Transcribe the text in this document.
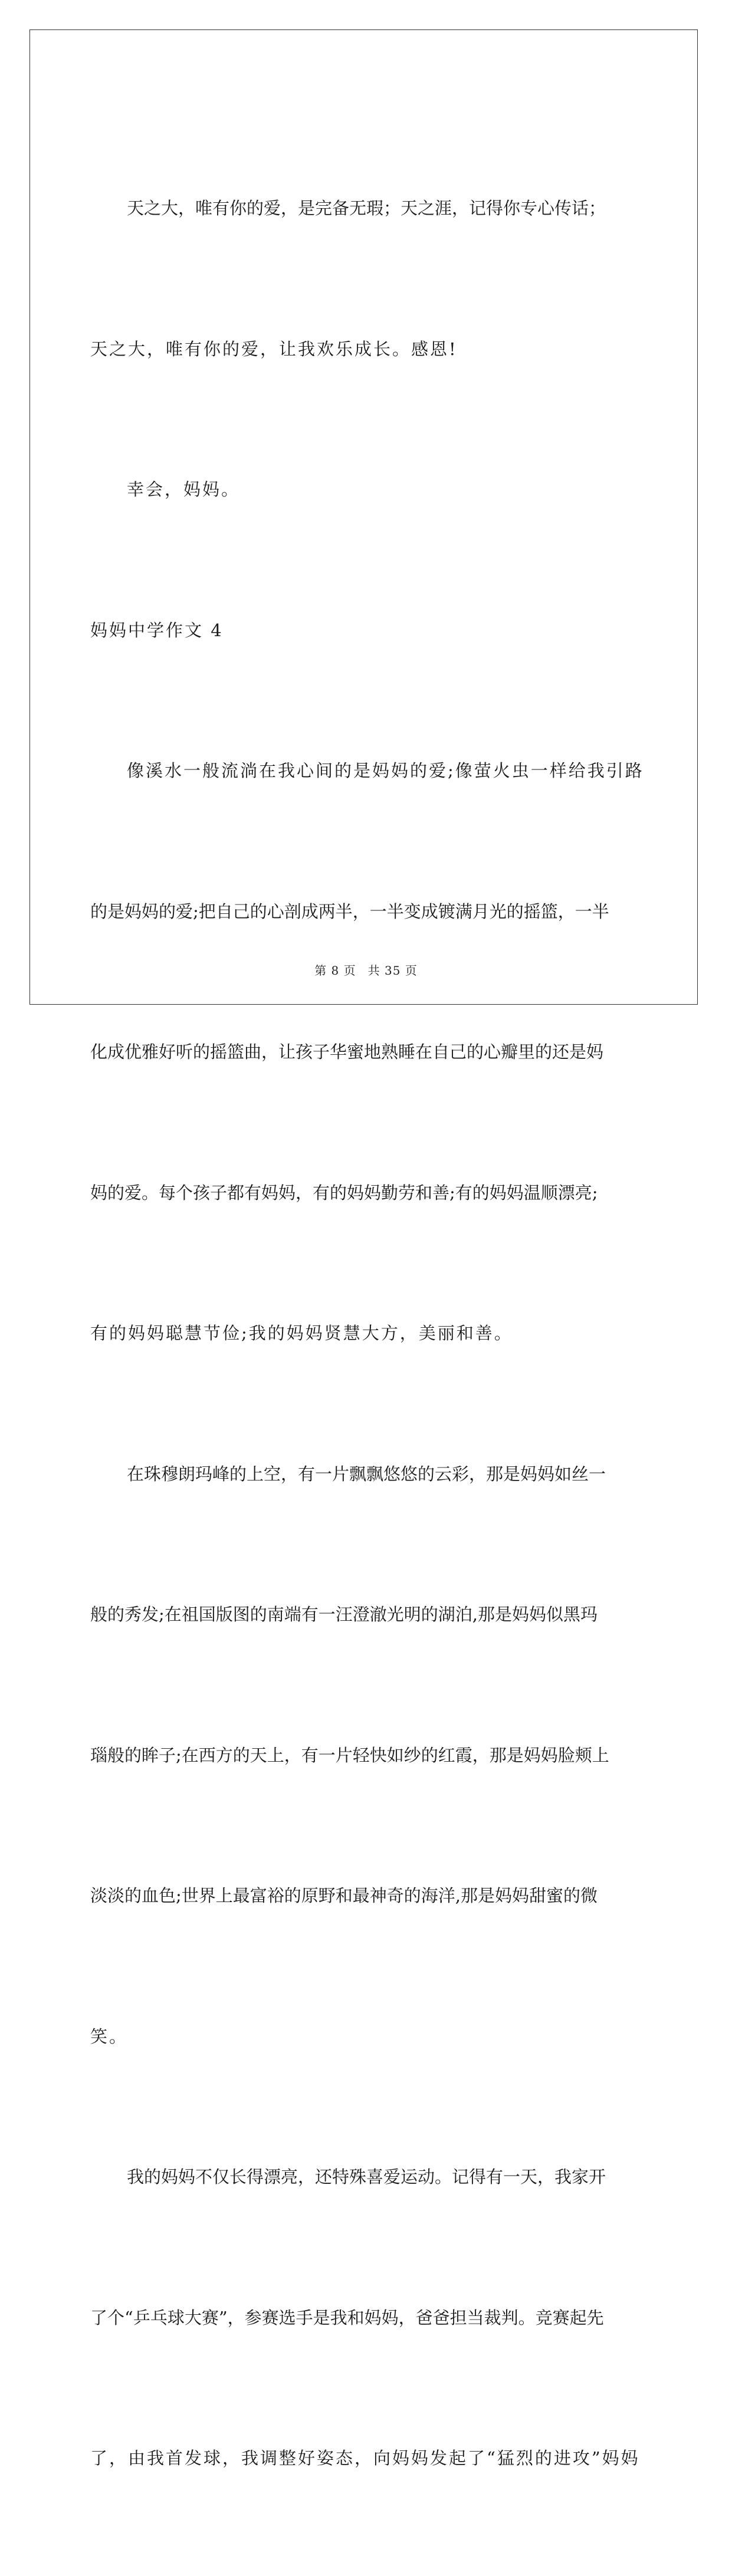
天之大，唯有你的爱，是完备无瑕；天之涯，记得你专心传话；

天之大，唯有你的爱，让我欢乐成长。感恩!

幸会，妈妈。

妈妈中学作文 4

像溪水一般流淌在我心间的是妈妈的爱;像萤火虫一样给我引路

的是妈妈的爱;把自己的心剖成两半，一半变成镀满月光的摇篮，一半

化成优雅好听的摇篮曲，让孩子华蜜地熟睡在自己的心瓣里的还是妈

妈的爱。每个孩子都有妈妈，有的妈妈勤劳和善;有的妈妈温顺漂亮;

有的妈妈聪慧节俭;我的妈妈贤慧大方，美丽和善。

在珠穆朗玛峰的上空，有一片飘飘悠悠的云彩，那是妈妈如丝一

般的秀发;在祖国版图的南端有一汪澄澈光明的湖泊,那是妈妈似黑玛

瑙般的眸子;在西方的天上，有一片轻快如纱的红霞，那是妈妈脸颊上

淡淡的血色;世界上最富裕的原野和最神奇的海洋,那是妈妈甜蜜的微

笑。

我的妈妈不仅长得漂亮，还特殊喜爱运动。记得有一天，我家开

了个“乒乓球大赛”，参赛选手是我和妈妈，爸爸担当裁判。竞赛起先

了，由我首发球，我调整好姿态，向妈妈发起了“猛烈的进攻”妈妈

第 8 页 共 35 页
